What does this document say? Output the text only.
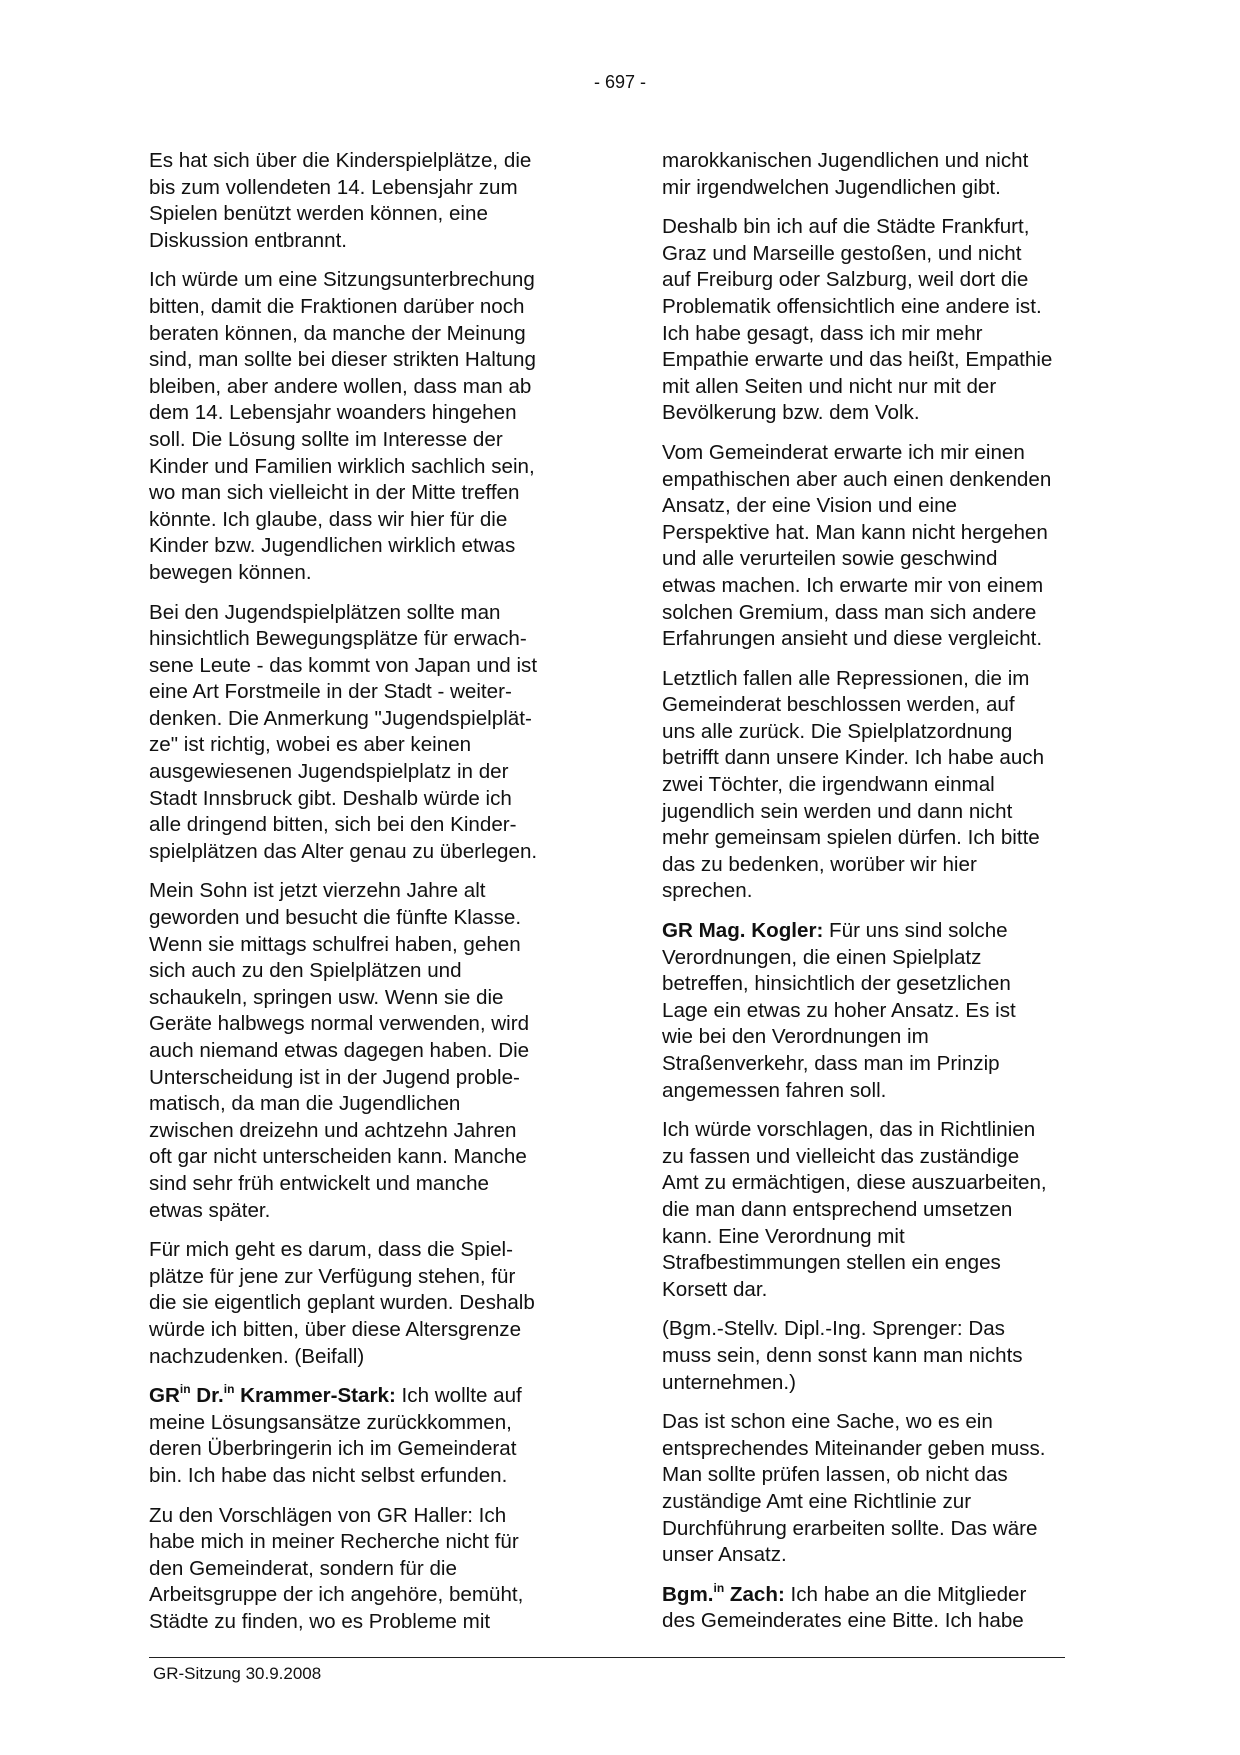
- 697 -

Es hat sich über die Kinderspielplätze, die
bis zum vollendeten 14. Lebensjahr zum
Spielen benützt werden können, eine
Diskussion entbrannt.

Ich würde um eine Sitzungsunterbrechung
bitten, damit die Fraktionen darüber noch
beraten können, da manche der Meinung
sind, man sollte bei dieser strikten Haltung
bleiben, aber andere wollen, dass man ab
dem 14. Lebensjahr woanders hingehen
soll. Die Lösung sollte im Interesse der
Kinder und Familien wirklich sachlich sein,
wo man sich vielleicht in der Mitte treffen
könnte. Ich glaube, dass wir hier für die
Kinder bzw. Jugendlichen wirklich etwas
bewegen können.

Bei den Jugendspielplätzen sollte man
hinsichtlich Bewegungsplätze für erwach-
sene Leute - das kommt von Japan und ist
eine Art Forstmeile in der Stadt - weiter-
denken. Die Anmerkung "Jugendspielplät-
ze" ist richtig, wobei es aber keinen
ausgewiesenen Jugendspielplatz in der
Stadt Innsbruck gibt. Deshalb würde ich
alle dringend bitten, sich bei den Kinder-
spielplätzen das Alter genau zu überlegen.

Mein Sohn ist jetzt vierzehn Jahre alt
geworden und besucht die fünfte Klasse.
Wenn sie mittags schulfrei haben, gehen
sich auch zu den Spielplätzen und
schaukeln, springen usw. Wenn sie die
Geräte halbwegs normal verwenden, wird
auch niemand etwas dagegen haben. Die
Unterscheidung ist in der Jugend proble-
matisch, da man die Jugendlichen
zwischen dreizehn und achtzehn Jahren
oft gar nicht unterscheiden kann. Manche
sind sehr früh entwickelt und manche
etwas später.

Für mich geht es darum, dass die Spiel-
plätze für jene zur Verfügung stehen, für
die sie eigentlich geplant wurden. Deshalb
würde ich bitten, über diese Altersgrenze
nachzudenken. (Beifall)

$GR^{in}$ Dr.$^{in}$ Krammer-Stark: Ich wollte auf
meine Lösungsansätze zurückkommen,
deren Überbringerin ich im Gemeinderat
bin. Ich habe das nicht selbst erfunden.

Zu den Vorschlägen von GR Haller: Ich
habe mich in meiner Recherche nicht für
den Gemeinderat, sondern für die
Arbeitsgruppe der ich angehöre, bemüht,
Städte zu finden, wo es Probleme mit

marokkanischen Jugendlichen und nicht
mir irgendwelchen Jugendlichen gibt.

Deshalb bin ich auf die Städte Frankfurt,
Graz und Marseille gestoßen, und nicht
auf Freiburg oder Salzburg, weil dort die
Problematik offensichtlich eine andere ist.
Ich habe gesagt, dass ich mir mehr
Empathie erwarte und das heißt, Empathie
mit allen Seiten und nicht nur mit der
Bevölkerung bzw. dem Volk.

Vom Gemeinderat erwarte ich mir einen
empathischen aber auch einen denkenden
Ansatz, der eine Vision und eine
Perspektive hat. Man kann nicht hergehen
und alle verurteilen sowie geschwind
etwas machen. Ich erwarte mir von einem
solchen Gremium, dass man sich andere
Erfahrungen ansieht und diese vergleicht.

Letztlich fallen alle Repressionen, die im
Gemeinderat beschlossen werden, auf
uns alle zurück. Die Spielplatzordnung
betrifft dann unsere Kinder. Ich habe auch
zwei Töchter, die irgendwann einmal
jugendlich sein werden und dann nicht
mehr gemeinsam spielen dürfen. Ich bitte
das zu bedenken, worüber wir hier
sprechen.

GR Mag. Kogler: Für uns sind solche
Verordnungen, die einen Spielplatz
betreffen, hinsichtlich der gesetzlichen
Lage ein etwas zu hoher Ansatz. Es ist
wie bei den Verordnungen im
Straßenverkehr, dass man im Prinzip
angemessen fahren soll.

Ich würde vorschlagen, das in Richtlinien
zu fassen und vielleicht das zuständige
Amt zu ermächtigen, diese auszuarbeiten,
die man dann entsprechend umsetzen
kann. Eine Verordnung mit
Strafbestimmungen stellen ein enges
Korsett dar.

(Bgm.-Stellv. Dipl.-Ing. Sprenger: Das
muss sein, denn sonst kann man nichts
unternehmen.)

Das ist schon eine Sache, wo es ein
entsprechendes Miteinander geben muss.
Man sollte prüfen lassen, ob nicht das
zuständige Amt eine Richtlinie zur
Durchführung erarbeiten sollte. Das wäre
unser Ansatz.

Bgm.$^{in}$ Zach: Ich habe an die Mitglieder
des Gemeinderates eine Bitte. Ich habe

GR-Sitzung 30.9.2008
